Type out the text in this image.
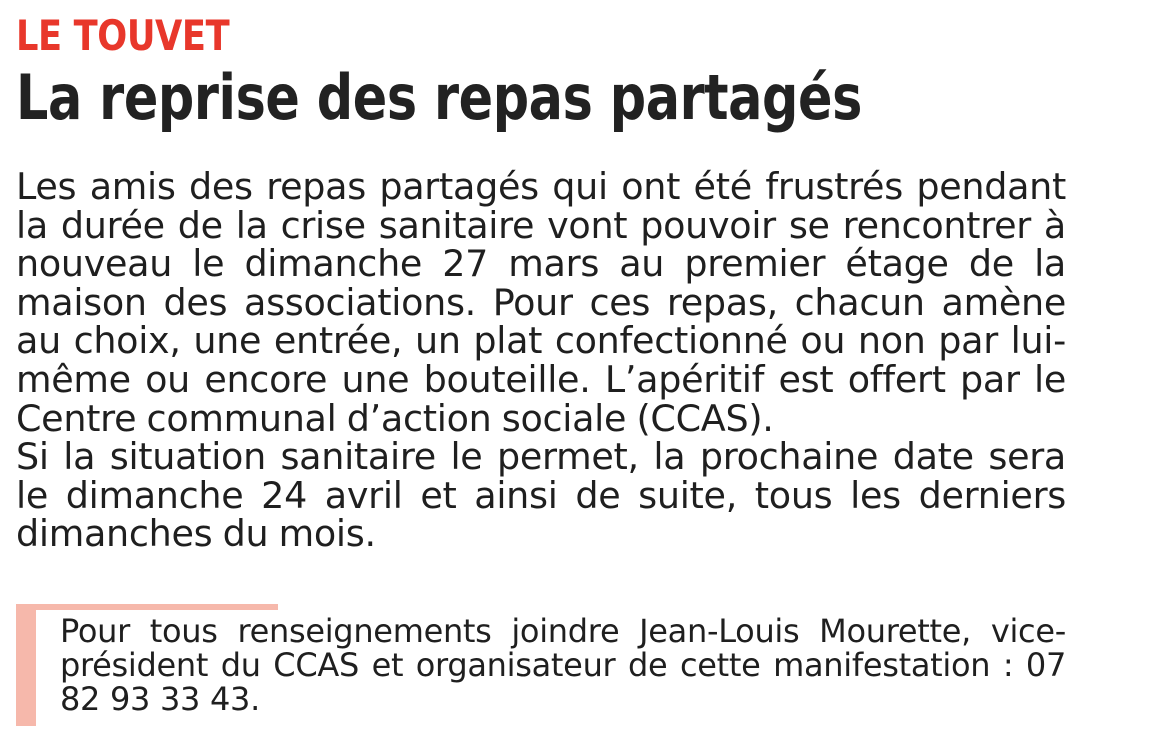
LE TOUVET
La reprise des repas partagés

Les amis des repas partagés qui ont été frustrés pendant la durée de la crise sanitaire vont pouvoir se rencontrer à nouveau le dimanche 27 mars au premier étage de la maison des associations. Pour ces repas, chacun amène au choix, une entrée, un plat confectionné ou non par lui-même ou encore une bouteille. L’apéritif est offert par le Centre communal d’action sociale (CCAS).

Si la situation sanitaire le permet, la prochaine date sera le dimanche 24 avril et ainsi de suite, tous les derniers dimanches du mois.

Pour tous renseignements joindre Jean-Louis Mourette, vice-président du CCAS et organisateur de cette manifestation : 07 82 93 33 43.
